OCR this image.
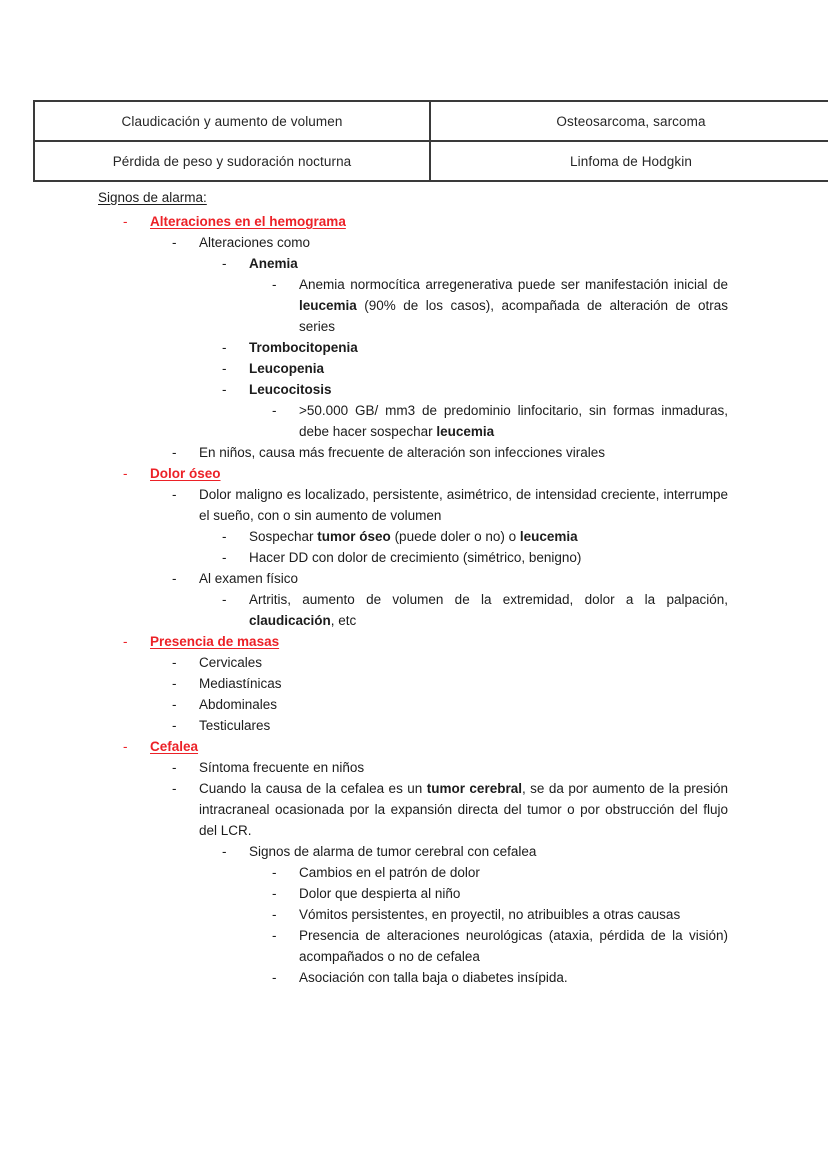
Claudicación y aumento de volumen	Osteosarcoma, sarcoma
Pérdida de peso y sudoración nocturna	Linfoma de Hodgkin
Signos de alarma:
-	Alteraciones en el hemograma
-	Alteraciones como
-	Anemia
-	Anemia normocítica arregenerativa puede ser manifestación inicial de leucemia (90% de los casos), acompañada de alteración de otras series
-	Trombocitopenia
-	Leucopenia
-	Leucocitosis
-	>50.000 GB/ mm3 de predominio linfocitario, sin formas inmaduras, debe hacer sospechar leucemia
-	En niños, causa más frecuente de alteración son infecciones virales
-	Dolor óseo
-	Dolor maligno es localizado, persistente, asimétrico, de intensidad creciente, interrumpe el sueño, con o sin aumento de volumen
-	Sospechar tumor óseo (puede doler o no) o leucemia
-	Hacer DD con dolor de crecimiento (simétrico, benigno)
-	Al examen físico
-	Artritis, aumento de volumen de la extremidad, dolor a la palpación, claudicación, etc
-	Presencia de masas
-	Cervicales
-	Mediastínicas
-	Abdominales
-	Testiculares
-	Cefalea
-	Síntoma frecuente en niños
-	Cuando la causa de la cefalea es un tumor cerebral, se da por aumento de la presión intracraneal ocasionada por la expansión directa del tumor o por obstrucción del flujo del LCR.
-	Signos de alarma de tumor cerebral con cefalea
-	Cambios en el patrón de dolor
-	Dolor que despierta al niño
-	Vómitos persistentes, en proyectil, no atribuibles a otras causas
-	Presencia de alteraciones neurológicas (ataxia, pérdida de la visión) acompañados o no de cefalea
-	Asociación con talla baja o diabetes insípida.
